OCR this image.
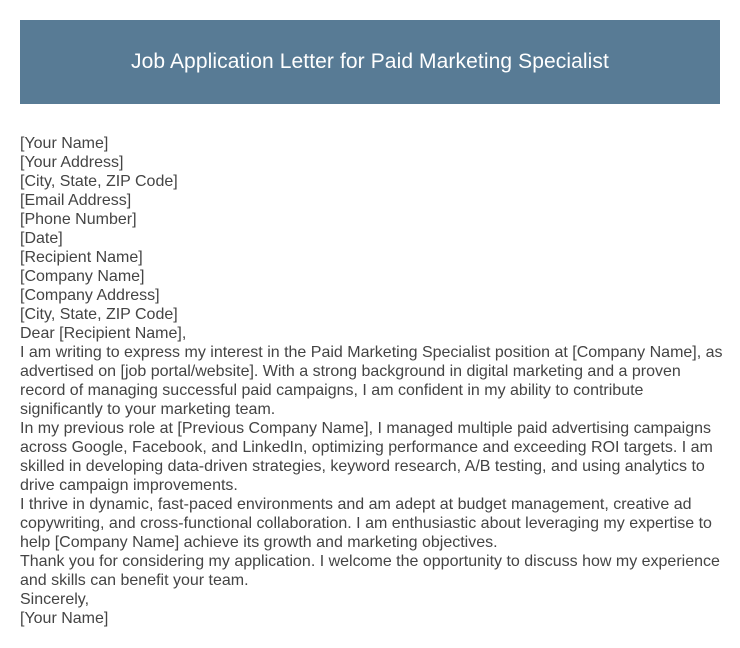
Job Application Letter for Paid Marketing Specialist
[Your Name]
[Your Address]
[City, State, ZIP Code]
[Email Address]
[Phone Number]
[Date]
[Recipient Name]
[Company Name]
[Company Address]
[City, State, ZIP Code]
Dear [Recipient Name],
I am writing to express my interest in the Paid Marketing Specialist position at [Company Name], as advertised on [job portal/website]. With a strong background in digital marketing and a proven record of managing successful paid campaigns, I am confident in my ability to contribute significantly to your marketing team.
In my previous role at [Previous Company Name], I managed multiple paid advertising campaigns across Google, Facebook, and LinkedIn, optimizing performance and exceeding ROI targets. I am skilled in developing data-driven strategies, keyword research, A/B testing, and using analytics to drive campaign improvements.
I thrive in dynamic, fast-paced environments and am adept at budget management, creative ad copywriting, and cross-functional collaboration. I am enthusiastic about leveraging my expertise to help [Company Name] achieve its growth and marketing objectives.
Thank you for considering my application. I welcome the opportunity to discuss how my experience and skills can benefit your team.
Sincerely,
[Your Name]
